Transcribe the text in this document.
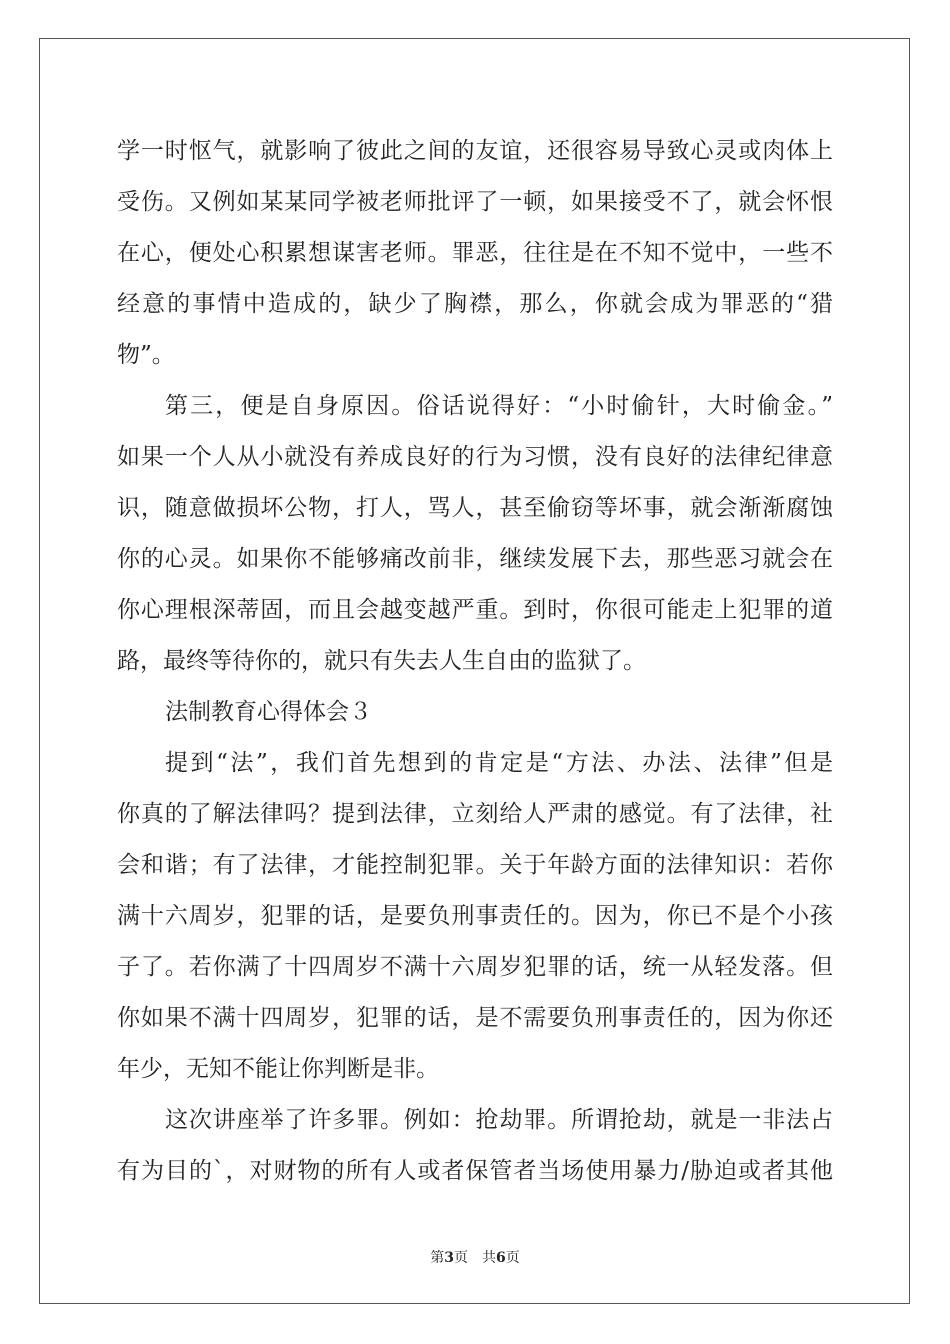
学一时怄气，就影响了彼此之间的友谊，还很容易导致心灵或肉体上
受伤。又例如某某同学被老师批评了一顿，如果接受不了，就会怀恨
在心，便处心积累想谋害老师。罪恶，往往是在不知不觉中，一些不
经意的事情中造成的，缺少了胸襟，那么，你就会成为罪恶的“猎
物”。
第三，便是自身原因。俗话说得好：“小时偷针，大时偷金。”
如果一个人从小就没有养成良好的行为习惯，没有良好的法律纪律意
识，随意做损坏公物，打人，骂人，甚至偷窃等坏事，就会渐渐腐蚀
你的心灵。如果你不能够痛改前非，继续发展下去，那些恶习就会在
你心理根深蒂固，而且会越变越严重。到时，你很可能走上犯罪的道
路，最终等待你的，就只有失去人生自由的监狱了。
法制教育心得体会３
提到“法”，我们首先想到的肯定是“方法、办法、法律”但是
你真的了解法律吗？提到法律，立刻给人严肃的感觉。有了法律，社
会和谐；有了法律，才能控制犯罪。关于年龄方面的法律知识：若你
满十六周岁，犯罪的话，是要负刑事责任的。因为，你已不是个小孩
子了。若你满了十四周岁不满十六周岁犯罪的话，统一从轻发落。但
你如果不满十四周岁，犯罪的话，是不需要负刑事责任的，因为你还
年少，无知不能让你判断是非。
这次讲座举了许多罪。例如：抢劫罪。所谓抢劫，就是一非法占
有为目的`，对财物的所有人或者保管者当场使用暴力/胁迫或者其他
第3页 共6页
